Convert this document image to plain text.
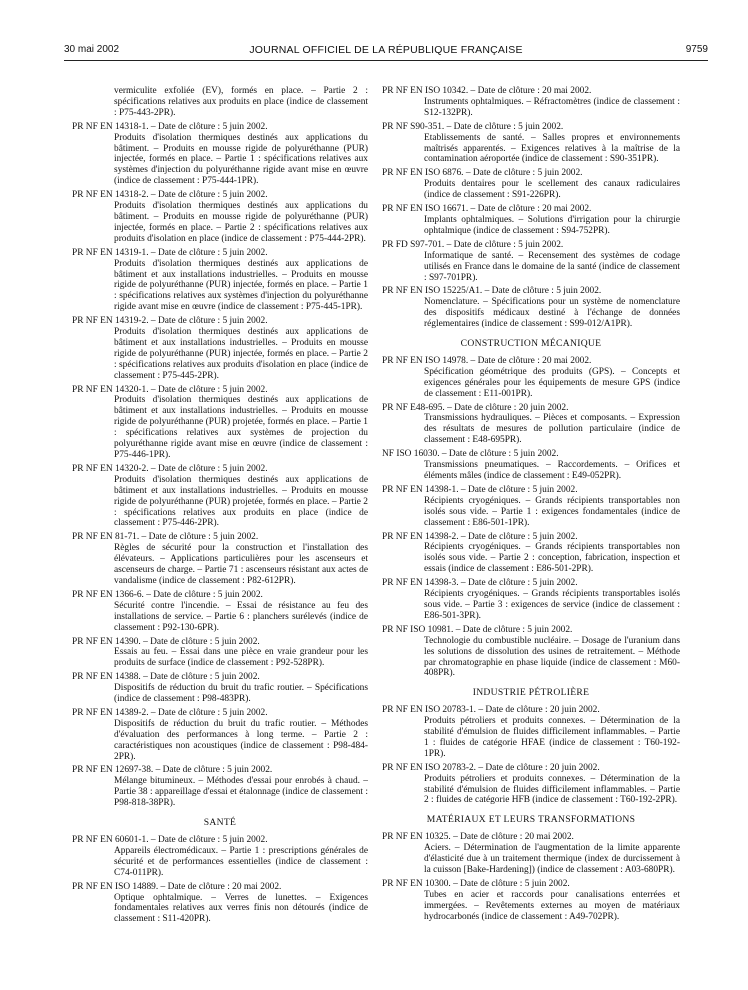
30 mai 2002	JOURNAL OFFICIEL DE LA RÉPUBLIQUE FRANÇAISE	9759

vermiculite exfoliée (EV), formés en place. – Partie 2 : spécifications relatives aux produits en place (indice de classement : P75-443-2PR).

PR NF EN 14318-1. – Date de clôture : 5 juin 2002.

Produits d'isolation thermiques destinés aux applications du bâtiment. – Produits en mousse rigide de polyuréthanne (PUR) injectée, formés en place. – Partie 1 : spécifications relatives aux systèmes d'injection du polyuréthanne rigide avant mise en œuvre (indice de classement : P75-444-1PR).

PR NF EN 14318-2. – Date de clôture : 5 juin 2002.

Produits d'isolation thermiques destinés aux applications du bâtiment. – Produits en mousse rigide de polyuréthanne (PUR) injectée, formés en place. – Partie 2 : spécifications relatives aux produits d'isolation en place (indice de classement : P75-444-2PR).

PR NF EN 14319-1. – Date de clôture : 5 juin 2002.

Produits d'isolation thermiques destinés aux applications de bâtiment et aux installations industrielles. – Produits en mousse rigide de polyuréthanne (PUR) injectée, formés en place. – Partie 1 : spécifications relatives aux systèmes d'injection du polyuréthanne rigide avant mise en œuvre (indice de classement : P75-445-1PR).

PR NF EN 14319-2. – Date de clôture : 5 juin 2002.

Produits d'isolation thermiques destinés aux applications de bâtiment et aux installations industrielles. – Produits en mousse rigide de polyuréthanne (PUR) injectée, formés en place. – Partie 2 : spécifications relatives aux produits d'isolation en place (indice de classement : P75-445-2PR).

PR NF EN 14320-1. – Date de clôture : 5 juin 2002.

Produits d'isolation thermiques destinés aux applications de bâtiment et aux installations industrielles. – Produits en mousse rigide de polyuréthanne (PUR) projetée, formés en place. – Partie 1 : spécifications relatives aux systèmes de projection du polyuréthanne rigide avant mise en œuvre (indice de classement : P75-446-1PR).

PR NF EN 14320-2. – Date de clôture : 5 juin 2002.

Produits d'isolation thermiques destinés aux applications de bâtiment et aux installations industrielles. – Produits en mousse rigide de polyuréthanne (PUR) projetée, formés en place. – Partie 2 : spécifications relatives aux produits en place (indice de classement : P75-446-2PR).

PR NF EN 81-71. – Date de clôture : 5 juin 2002.

Règles de sécurité pour la construction et l'installation des élévateurs. – Applications particulières pour les ascenseurs et ascenseurs de charge. – Partie 71 : ascenseurs résistant aux actes de vandalisme (indice de classement : P82-612PR).

PR NF EN 1366-6. – Date de clôture : 5 juin 2002.

Sécurité contre l'incendie. – Essai de résistance au feu des installations de service. – Partie 6 : planchers surélevés (indice de classement : P92-130-6PR).

PR NF EN 14390. – Date de clôture : 5 juin 2002.

Essais au feu. – Essai dans une pièce en vraie grandeur pour les produits de surface (indice de classement : P92-528PR).

PR NF EN 14388. – Date de clôture : 5 juin 2002.

Dispositifs de réduction du bruit du trafic routier. – Spécifications (indice de classement : P98-483PR).

PR NF EN 14389-2. – Date de clôture : 5 juin 2002.

Dispositifs de réduction du bruit du trafic routier. – Méthodes d'évaluation des performances à long terme. – Partie 2 : caractéristiques non acoustiques (indice de classement : P98-484-2PR).

PR NF EN 12697-38. – Date de clôture : 5 juin 2002.

Mélange bitumineux. – Méthodes d'essai pour enrobés à chaud. – Partie 38 : appareillage d'essai et étalonnage (indice de classement : P98-818-38PR).

SANTÉ

PR NF EN 60601-1. – Date de clôture : 5 juin 2002.

Appareils électromédicaux. – Partie 1 : prescriptions générales de sécurité et de performances essentielles (indice de classement : C74-011PR).

PR NF EN ISO 14889. – Date de clôture : 20 mai 2002.

Optique ophtalmique. – Verres de lunettes. – Exigences fondamentales relatives aux verres finis non détourés (indice de classement : S11-420PR).

PR NF EN ISO 10342. – Date de clôture : 20 mai 2002.

Instruments ophtalmiques. – Réfractomètres (indice de classement : S12-132PR).

PR NF S90-351. – Date de clôture : 5 juin 2002.

Etablissements de santé. – Salles propres et environnements maîtrisés apparentés. – Exigences relatives à la maîtrise de la contamination aéroportée (indice de classement : S90-351PR).

PR NF EN ISO 6876. – Date de clôture : 5 juin 2002.

Produits dentaires pour le scellement des canaux radiculaires (indice de classement : S91-226PR).

PR NF EN ISO 16671. – Date de clôture : 20 mai 2002.

Implants ophtalmiques. – Solutions d'irrigation pour la chirurgie ophtalmique (indice de classement : S94-752PR).

PR FD S97-701. – Date de clôture : 5 juin 2002.

Informatique de santé. – Recensement des systèmes de codage utilisés en France dans le domaine de la santé (indice de classement : S97-701PR).

PR NF EN ISO 15225/A1. – Date de clôture : 5 juin 2002.

Nomenclature. – Spécifications pour un système de nomenclature des dispositifs médicaux destiné à l'échange de données réglementaires (indice de classement : S99-012/A1PR).

CONSTRUCTION MÉCANIQUE

PR NF EN ISO 14978. – Date de clôture : 20 mai 2002.

Spécification géométrique des produits (GPS). – Concepts et exigences générales pour les équipements de mesure GPS (indice de classement : E11-001PR).

PR NF E48-695. – Date de clôture : 20 juin 2002.

Transmissions hydrauliques. – Pièces et composants. – Expression des résultats de mesures de pollution particulaire (indice de classement : E48-695PR).

NF ISO 16030. – Date de clôture : 5 juin 2002.

Transmissions pneumatiques. – Raccordements. – Orifices et éléments mâles (indice de classement : E49-052PR).

PR NF EN 14398-1. – Date de clôture : 5 juin 2002.

Récipients cryogéniques. – Grands récipients transportables non isolés sous vide. – Partie 1 : exigences fondamentales (indice de classement : E86-501-1PR).

PR NF EN 14398-2. – Date de clôture : 5 juin 2002.

Récipients cryogéniques. – Grands récipients transportables non isolés sous vide. – Partie 2 : conception, fabrication, inspection et essais (indice de classement : E86-501-2PR).

PR NF EN 14398-3. – Date de clôture : 5 juin 2002.

Récipients cryogéniques. – Grands récipients transportables isolés sous vide. – Partie 3 : exigences de service (indice de classement : E86-501-3PR).

PR NF ISO 10981. – Date de clôture : 5 juin 2002.

Technologie du combustible nucléaire. – Dosage de l'uranium dans les solutions de dissolution des usines de retraitement. – Méthode par chromatographie en phase liquide (indice de classement : M60-408PR).

INDUSTRIE PÉTROLIÈRE

PR NF EN ISO 20783-1. – Date de clôture : 20 juin 2002.

Produits pétroliers et produits connexes. – Détermination de la stabilité d'émulsion de fluides difficilement inflammables. – Partie 1 : fluides de catégorie HFAE (indice de classement : T60-192-1PR).

PR NF EN ISO 20783-2. – Date de clôture : 20 juin 2002.

Produits pétroliers et produits connexes. – Détermination de la stabilité d'émulsion de fluides difficilement inflammables. – Partie 2 : fluides de catégorie HFB (indice de classement : T60-192-2PR).

MATÉRIAUX ET LEURS TRANSFORMATIONS

PR NF EN 10325. – Date de clôture : 20 mai 2002.

Aciers. – Détermination de l'augmentation de la limite apparente d'élasticité due à un traitement thermique (index de durcissement à la cuisson [Bake-Hardening]) (indice de classement : A03-680PR).

PR NF EN 10300. – Date de clôture : 5 juin 2002.

Tubes en acier et raccords pour canalisations enterrées et immergées. – Revêtements externes au moyen de matériaux hydrocarbonés (indice de classement : A49-702PR).
